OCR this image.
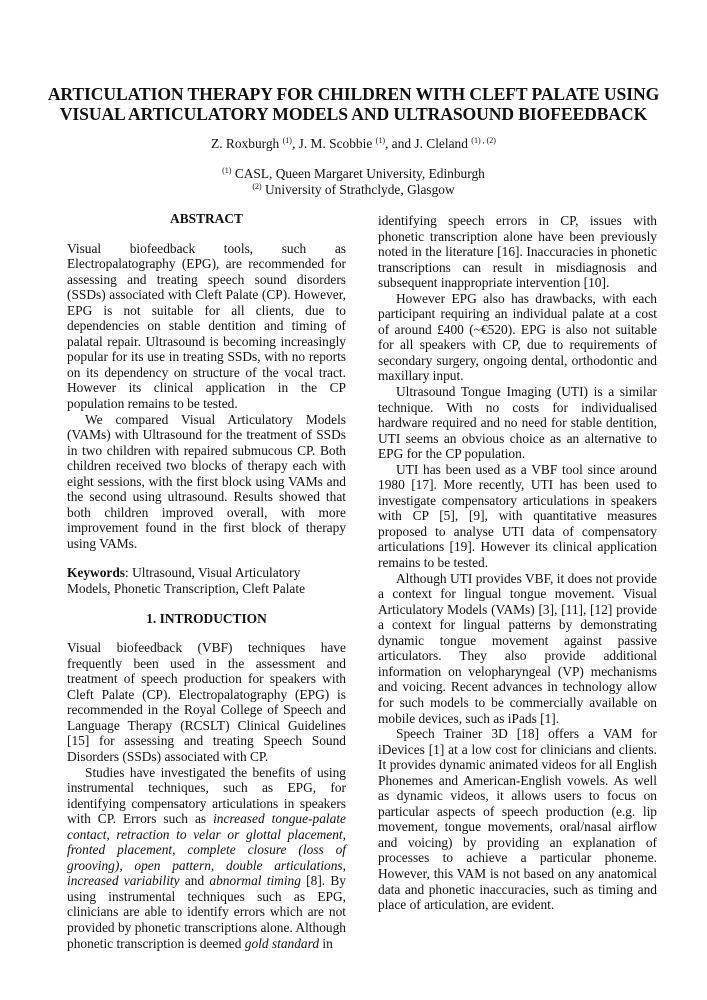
ARTICULATION THERAPY FOR CHILDREN WITH CLEFT PALATE USING
VISUAL ARTICULATORY MODELS AND ULTRASOUND BIOFEEDBACK
Z. Roxburgh $^{(1)}$, J. M. Scobbie $^{(1)}$, and J. Cleland $^{(1) , (2)}$
$^{(1)}$ CASL, Queen Margaret University, Edinburgh
$^{(2)}$ University of Strathclyde, Glasgow
ABSTRACT

Visual biofeedback tools, such as Electropalatography (EPG), are recommended for assessing and treating speech sound disorders (SSDs) associated with Cleft Palate (CP). However, EPG is not suitable for all clients, due to dependencies on stable dentition and timing of palatal repair. Ultrasound is becoming increasingly popular for its use in treating SSDs, with no reports on its dependency on structure of the vocal tract. However its clinical application in the CP population remains to be tested.

We compared Visual Articulatory Models (VAMs) with Ultrasound for the treatment of SSDs in two children with repaired submucous CP. Both children received two blocks of therapy each with eight sessions, with the first block using VAMs and the second using ultrasound. Results showed that both children improved overall, with more improvement found in the first block of therapy using VAMs.

Keywords: Ultrasound, Visual Articulatory Models, Phonetic Transcription, Cleft Palate

1. INTRODUCTION

Visual biofeedback (VBF) techniques have frequently been used in the assessment and treatment of speech production for speakers with Cleft Palate (CP). Electropalatography (EPG) is recommended in the Royal College of Speech and Language Therapy (RCSLT) Clinical Guidelines [15] for assessing and treating Speech Sound Disorders (SSDs) associated with CP.

Studies have investigated the benefits of using instrumental techniques, such as EPG, for identifying compensatory articulations in speakers with CP. Errors such as increased tongue-palate contact, retraction to velar or glottal placement, fronted placement, complete closure (loss of grooving), open pattern, double articulations, increased variability and abnormal timing [8]. By using instrumental techniques such as EPG, clinicians are able to identify errors which are not provided by phonetic transcriptions alone. Although phonetic transcription is deemed gold standard in

identifying speech errors in CP, issues with phonetic transcription alone have been previously noted in the literature [16]. Inaccuracies in phonetic transcriptions can result in misdiagnosis and subsequent inappropriate intervention [10].

However EPG also has drawbacks, with each participant requiring an individual palate at a cost of around £400 (~€520). EPG is also not suitable for all speakers with CP, due to requirements of secondary surgery, ongoing dental, orthodontic and maxillary input.

Ultrasound Tongue Imaging (UTI) is a similar technique. With no costs for individualised hardware required and no need for stable dentition, UTI seems an obvious choice as an alternative to EPG for the CP population.

UTI has been used as a VBF tool since around 1980 [17]. More recently, UTI has been used to investigate compensatory articulations in speakers with CP [5], [9], with quantitative measures proposed to analyse UTI data of compensatory articulations [19]. However its clinical application remains to be tested.

Although UTI provides VBF, it does not provide a context for lingual tongue movement. Visual Articulatory Models (VAMs) [3], [11], [12] provide a context for lingual patterns by demonstrating dynamic tongue movement against passive articulators. They also provide additional information on velopharyngeal (VP) mechanisms and voicing. Recent advances in technology allow for such models to be commercially available on mobile devices, such as iPads [1].

Speech Trainer 3D [18] offers a VAM for iDevices [1] at a low cost for clinicians and clients. It provides dynamic animated videos for all English Phonemes and American-English vowels. As well as dynamic videos, it allows users to focus on particular aspects of speech production (e.g. lip movement, tongue movements, oral/nasal airflow and voicing) by providing an explanation of processes to achieve a particular phoneme. However, this VAM is not based on any anatomical data and phonetic inaccuracies, such as timing and place of articulation, are evident.
